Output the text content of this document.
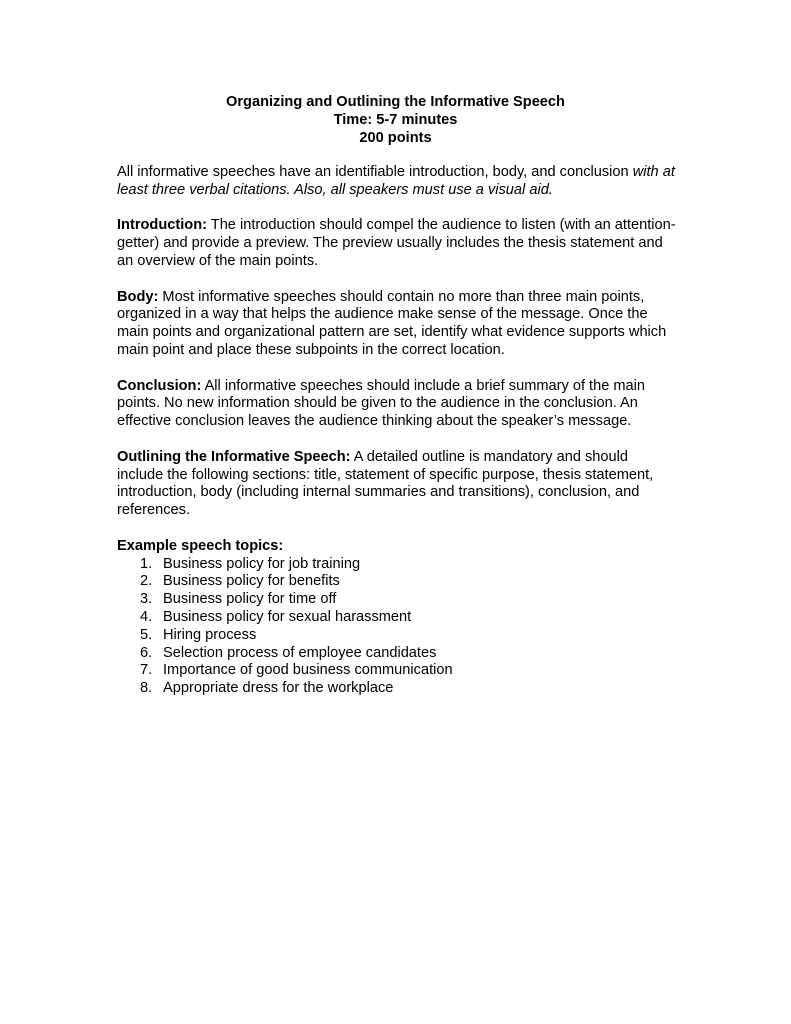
Organizing and Outlining the Informative Speech
Time: 5-7 minutes
200 points

All informative speeches have an identifiable introduction, body, and conclusion with at least three verbal citations. Also, all speakers must use a visual aid.

Introduction: The introduction should compel the audience to listen (with an attention-getter) and provide a preview. The preview usually includes the thesis statement and an overview of the main points.

Body: Most informative speeches should contain no more than three main points, organized in a way that helps the audience make sense of the message. Once the main points and organizational pattern are set, identify what evidence supports which main point and place these subpoints in the correct location.

Conclusion: All informative speeches should include a brief summary of the main points. No new information should be given to the audience in the conclusion. An effective conclusion leaves the audience thinking about the speaker’s message.

Outlining the Informative Speech: A detailed outline is mandatory and should include the following sections: title, statement of specific purpose, thesis statement, introduction, body (including internal summaries and transitions), conclusion, and references.

Example speech topics:

1. Business policy for job training
2. Business policy for benefits
3. Business policy for time off
4. Business policy for sexual harassment
5. Hiring process
6. Selection process of employee candidates
7. Importance of good business communication
8. Appropriate dress for the workplace
